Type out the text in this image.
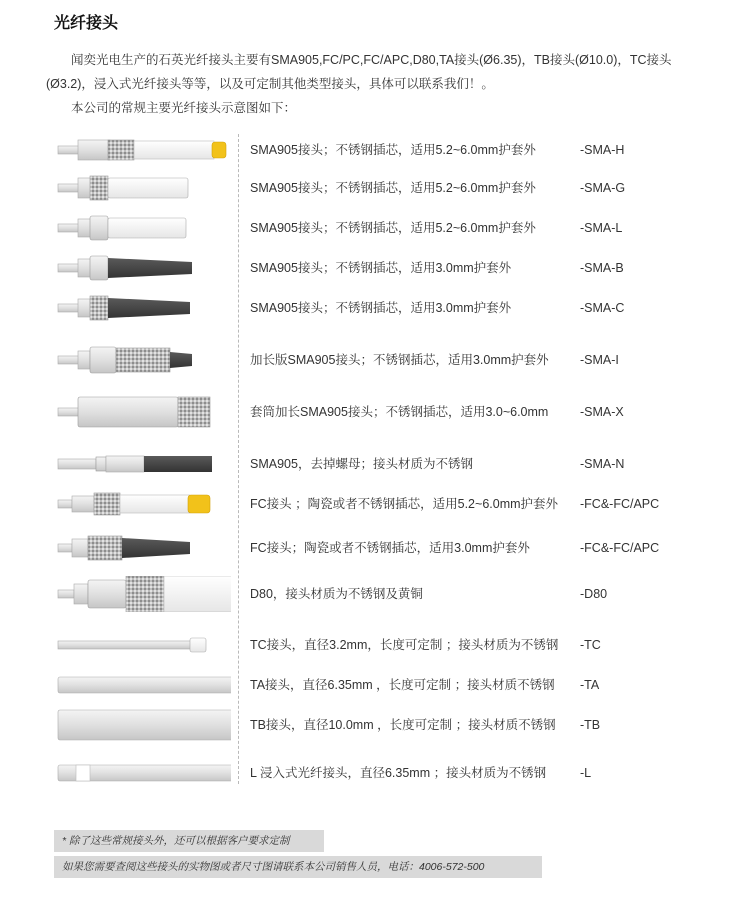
光纤接头
　　闻奕光电生产的石英光纤接头主要有SMA905,FC/PC,FC/APC,D80,TA接头(Ø6.35)，TB接头(Ø10.0)，TC接头
(Ø3.2)，浸入式光纤接头等等，以及可定制其他类型接头，具体可以联系我们！。
　　本公司的常规主要光纤接头示意图如下：
SMA905接头；不锈钢插芯，适用5.2~6.0mm护套外	-SMA-H
SMA905接头；不锈钢插芯，适用5.2~6.0mm护套外	-SMA-G
SMA905接头；不锈钢插芯，适用5.2~6.0mm护套外	-SMA-L
SMA905接头；不锈钢插芯，适用3.0mm护套外	-SMA-B
SMA905接头；不锈钢插芯，适用3.0mm护套外	-SMA-C
加长版SMA905接头；不锈钢插芯，适用3.0mm护套外	-SMA-I
套筒加长SMA905接头；不锈钢插芯，适用3.0~6.0mm	-SMA-X
SMA905，去掉螺母；接头材质为不锈钢	-SMA-N
FC接头 ；陶瓷或者不锈钢插芯，适用5.2~6.0mm护套外 -FC&-FC/APC
FC接头；陶瓷或者不锈钢插芯，适用3.0mm护套外	-FC&-FC/APC
D80，接头材质为不锈钢及黄铜	-D80
TC接头，直径3.2mm，长度可定制 ；接头材质为不锈钢 -TC
TA接头，直径6.35mm ，长度可定制 ；接头材质不锈钢 -TA
TB接头，直径10.0mm ，长度可定制 ；接头材质不锈钢 -TB
L 浸入式光纤接头，直径6.35mm ；接头材质为不锈钢	-L
* 除了这些常规接头外，还可以根据客户要求定制
如果您需要查阅这些接头的实物图或者尺寸图请联系本公司销售人员，电话：4006-572-500
